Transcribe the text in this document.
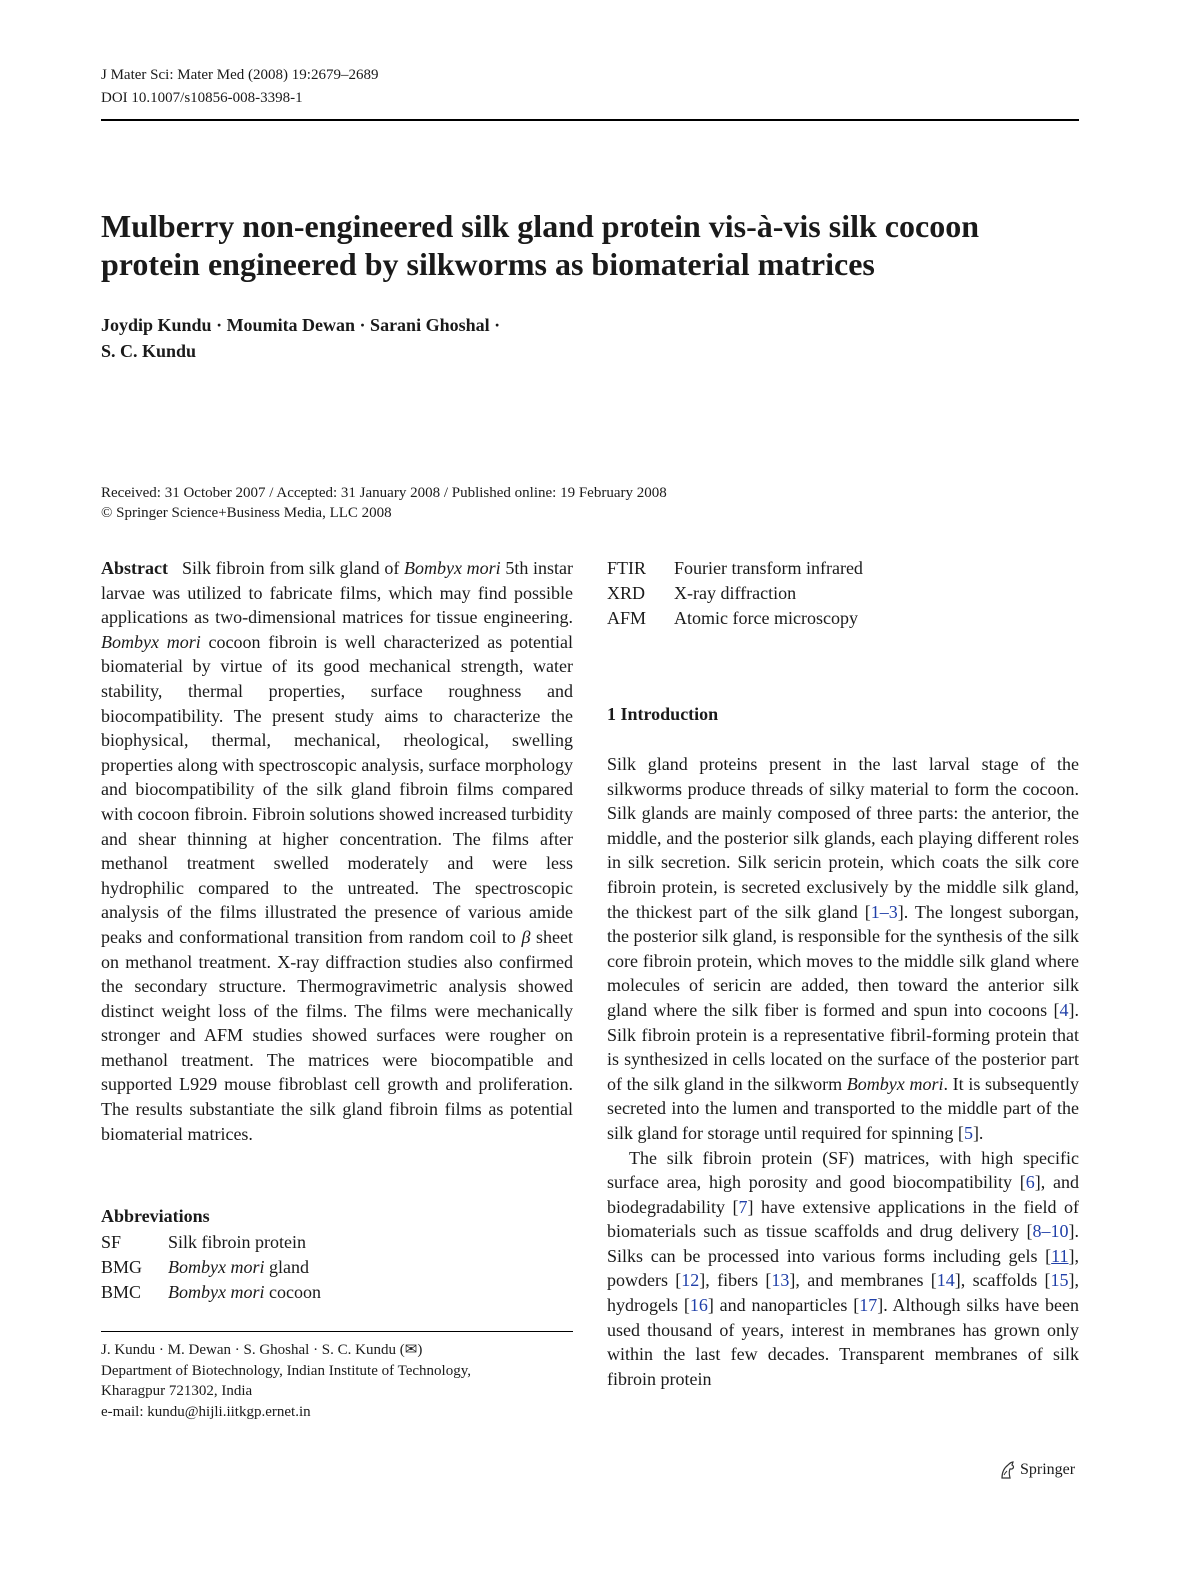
J Mater Sci: Mater Med (2008) 19:2679–2689
DOI 10.1007/s10856-008-3398-1
Mulberry non-engineered silk gland protein vis-à-vis silk cocoon
protein engineered by silkworms as biomaterial matrices
Joydip Kundu · Moumita Dewan · Sarani Ghoshal ·
S. C. Kundu
Received: 31 October 2007 / Accepted: 31 January 2008 / Published online: 19 February 2008
© Springer Science+Business Media, LLC 2008

Abstract Silk fibroin from silk gland of Bombyx mori 5th instar larvae was utilized to fabricate films, which may find possible applications as two-dimensional matrices for tissue engineering. Bombyx mori cocoon fibroin is well characterized as potential biomaterial by virtue of its good mechanical strength, water stability, thermal properties, surface roughness and biocompatibility. The present study aims to characterize the biophysical, thermal, mechanical, rheological, swelling properties along with spectroscopic analysis, surface morphology and biocompatibility of the silk gland fibroin films compared with cocoon fibroin. Fibroin solutions showed increased turbidity and shear thinning at higher concentration. The films after methanol treatment swelled moderately and were less hydrophilic compared to the untreated. The spectroscopic analysis of the films illustrated the presence of various amide peaks and conformational transition from random coil to β sheet on methanol treatment. X-ray diffraction studies also confirmed the secondary structure. Thermogravimetric analysis showed distinct weight loss of the films. The films were mechanically stronger and AFM studies showed surfaces were rougher on methanol treatment. The matrices were biocompatible and supported L929 mouse fibroblast cell growth and proliferation. The results substantiate the silk gland fibroin films as potential biomaterial matrices.

Abbreviations
SF	Silk fibroin protein
BMG	Bombyx mori gland
BMC	Bombyx mori cocoon
J. Kundu · M. Dewan · S. Ghoshal · S. C. Kundu (✉)
Department of Biotechnology, Indian Institute of Technology,
Kharagpur 721302, India
e-mail: kundu@hijli.iitkgp.ernet.in
FTIR	Fourier transform infrared
XRD	X-ray diffraction
AFM	Atomic force microscopy
1 Introduction

Silk gland proteins present in the last larval stage of the silkworms produce threads of silky material to form the cocoon. Silk glands are mainly composed of three parts: the anterior, the middle, and the posterior silk glands, each playing different roles in silk secretion. Silk sericin protein, which coats the silk core fibroin protein, is secreted exclusively by the middle silk gland, the thickest part of the silk gland [1–3]. The longest suborgan, the posterior silk gland, is responsible for the synthesis of the silk core fibroin protein, which moves to the middle silk gland where molecules of sericin are added, then toward the anterior silk gland where the silk fiber is formed and spun into cocoons [4]. Silk fibroin protein is a representative fibril-forming protein that is synthesized in cells located on the surface of the posterior part of the silk gland in the silkworm Bombyx mori. It is subsequently secreted into the lumen and transported to the middle part of the silk gland for storage until required for spinning [5].

The silk fibroin protein (SF) matrices, with high specific surface area, high porosity and good biocompatibility [6], and biodegradability [7] have extensive applications in the field of biomaterials such as tissue scaffolds and drug delivery [8–10]. Silks can be processed into various forms including gels [11], powders [12], fibers [13], and membranes [14], scaffolds [15], hydrogels [16] and nanoparticles [17]. Although silks have been used thousand of years, interest in membranes has grown only within the last few decades. Transparent membranes of silk fibroin protein

Springer
